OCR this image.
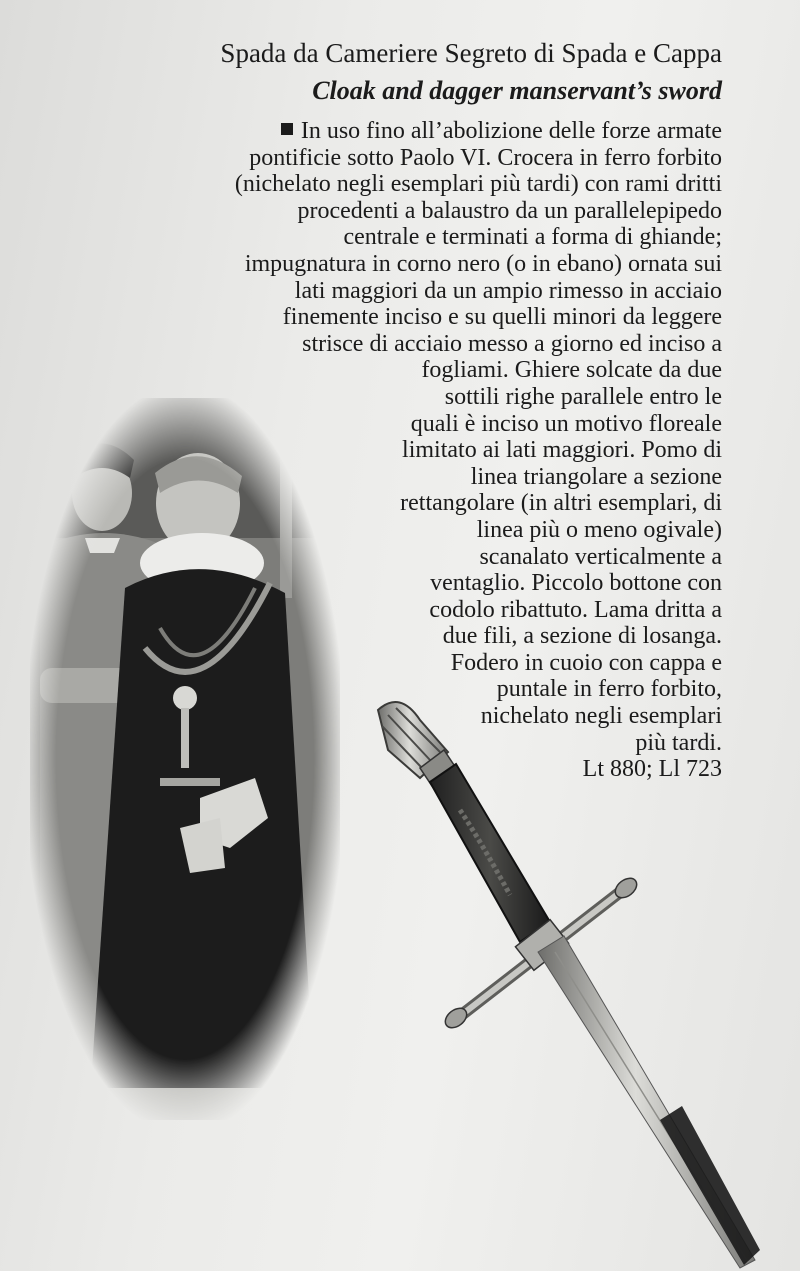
Spada da Cameriere Segreto di Spada e Cappa
Cloak and dagger manservant’s sword
In uso fino all’abolizione delle forze armate
pontificie sotto Paolo VI. Crocera in ferro forbito
(nichelato negli esemplari più tardi) con rami dritti
procedenti a balaustro da un parallelepipedo
centrale e terminati a forma di ghiande;
impugnatura in corno nero (o in ebano) ornata sui
lati maggiori da un ampio rimesso in acciaio
finemente inciso e su quelli minori da leggere
strisce di acciaio messo a giorno ed inciso a
fogliami. Ghiere solcate da due
sottili righe parallele entro le
quali è inciso un motivo floreale
limitato ai lati maggiori. Pomo di
linea triangolare a sezione
rettangolare (in altri esemplari, di
linea più o meno ogivale)
scanalato verticalmente a
ventaglio. Piccolo bottone con
codolo ribattuto. Lama dritta a
due fili, a sezione di losanga.
Fodero in cuoio con cappa e
puntale in ferro forbito,
nichelato negli esemplari
più tardi.
Lt 880; Ll 723
